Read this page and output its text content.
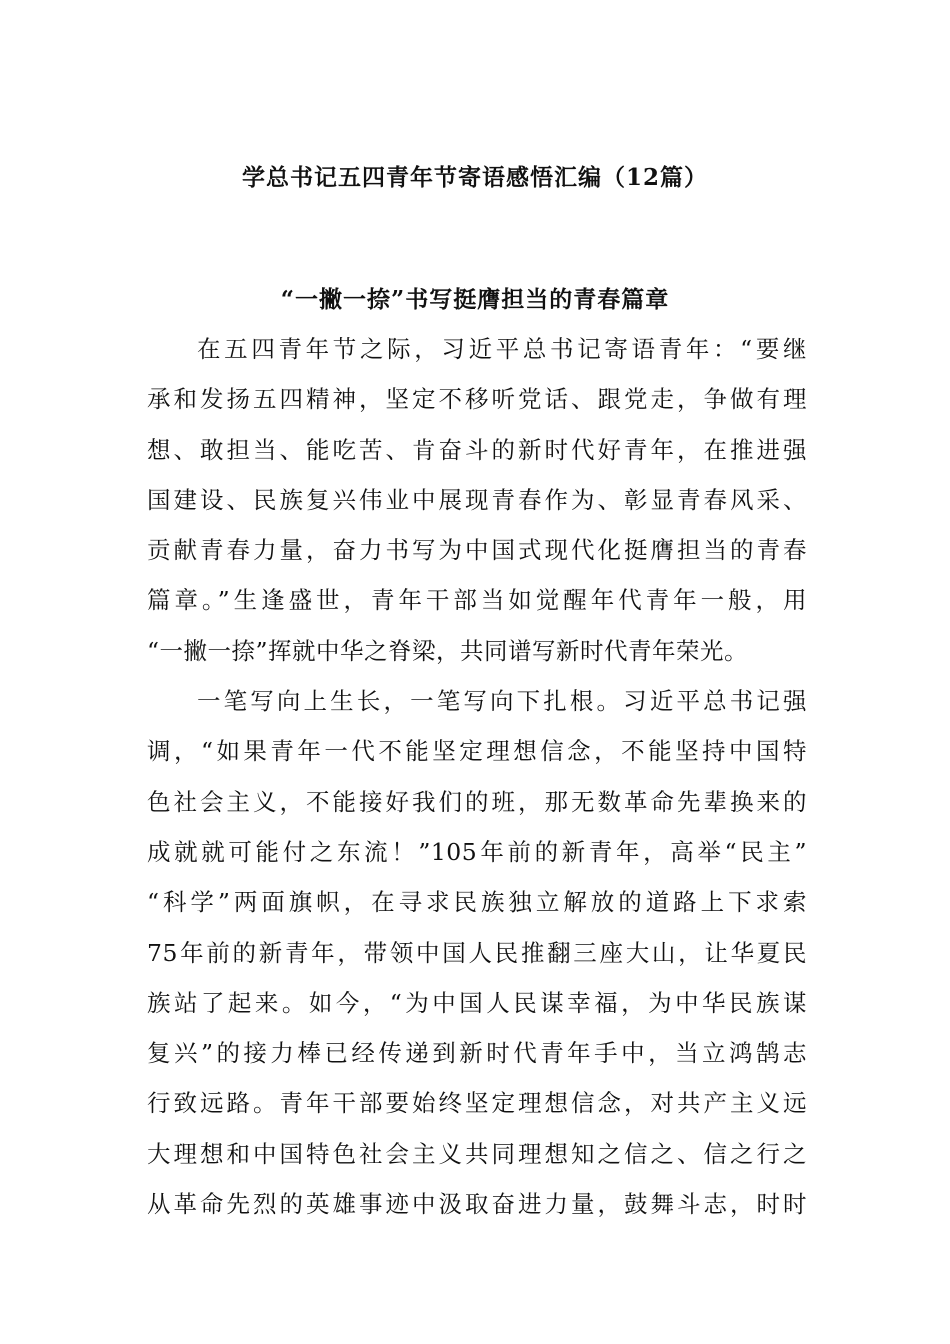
学总书记五四青年节寄语感悟汇编（12篇）
“一撇一捺”书写挺膺担当的青春篇章
在五四青年节之际，习近平总书记寄语青年：“要继
承和发扬五四精神，坚定不移听党话、跟党走，争做有理
想、敢担当、能吃苦、肯奋斗的新时代好青年，在推进强
国建设、民族复兴伟业中展现青春作为、彰显青春风采、
贡献青春力量，奋力书写为中国式现代化挺膺担当的青春
篇章。”生逢盛世，青年干部当如觉醒年代青年一般，用
“一撇一捺”挥就中华之脊梁，共同谱写新时代青年荣光。
一笔写向上生长，一笔写向下扎根。习近平总书记强
调，“如果青年一代不能坚定理想信念，不能坚持中国特
色社会主义，不能接好我们的班，那无数革命先辈换来的
成就就可能付之东流！”105年前的新青年，高举“民主”
“科学”两面旗帜，在寻求民族独立解放的道路上下求索
75年前的新青年，带领中国人民推翻三座大山，让华夏民
族站了起来。如今，“为中国人民谋幸福，为中华民族谋
复兴”的接力棒已经传递到新时代青年手中，当立鸿鹄志
行致远路。青年干部要始终坚定理想信念，对共产主义远
大理想和中国特色社会主义共同理想知之信之、信之行之
从革命先烈的英雄事迹中汲取奋进力量，鼓舞斗志，时时
